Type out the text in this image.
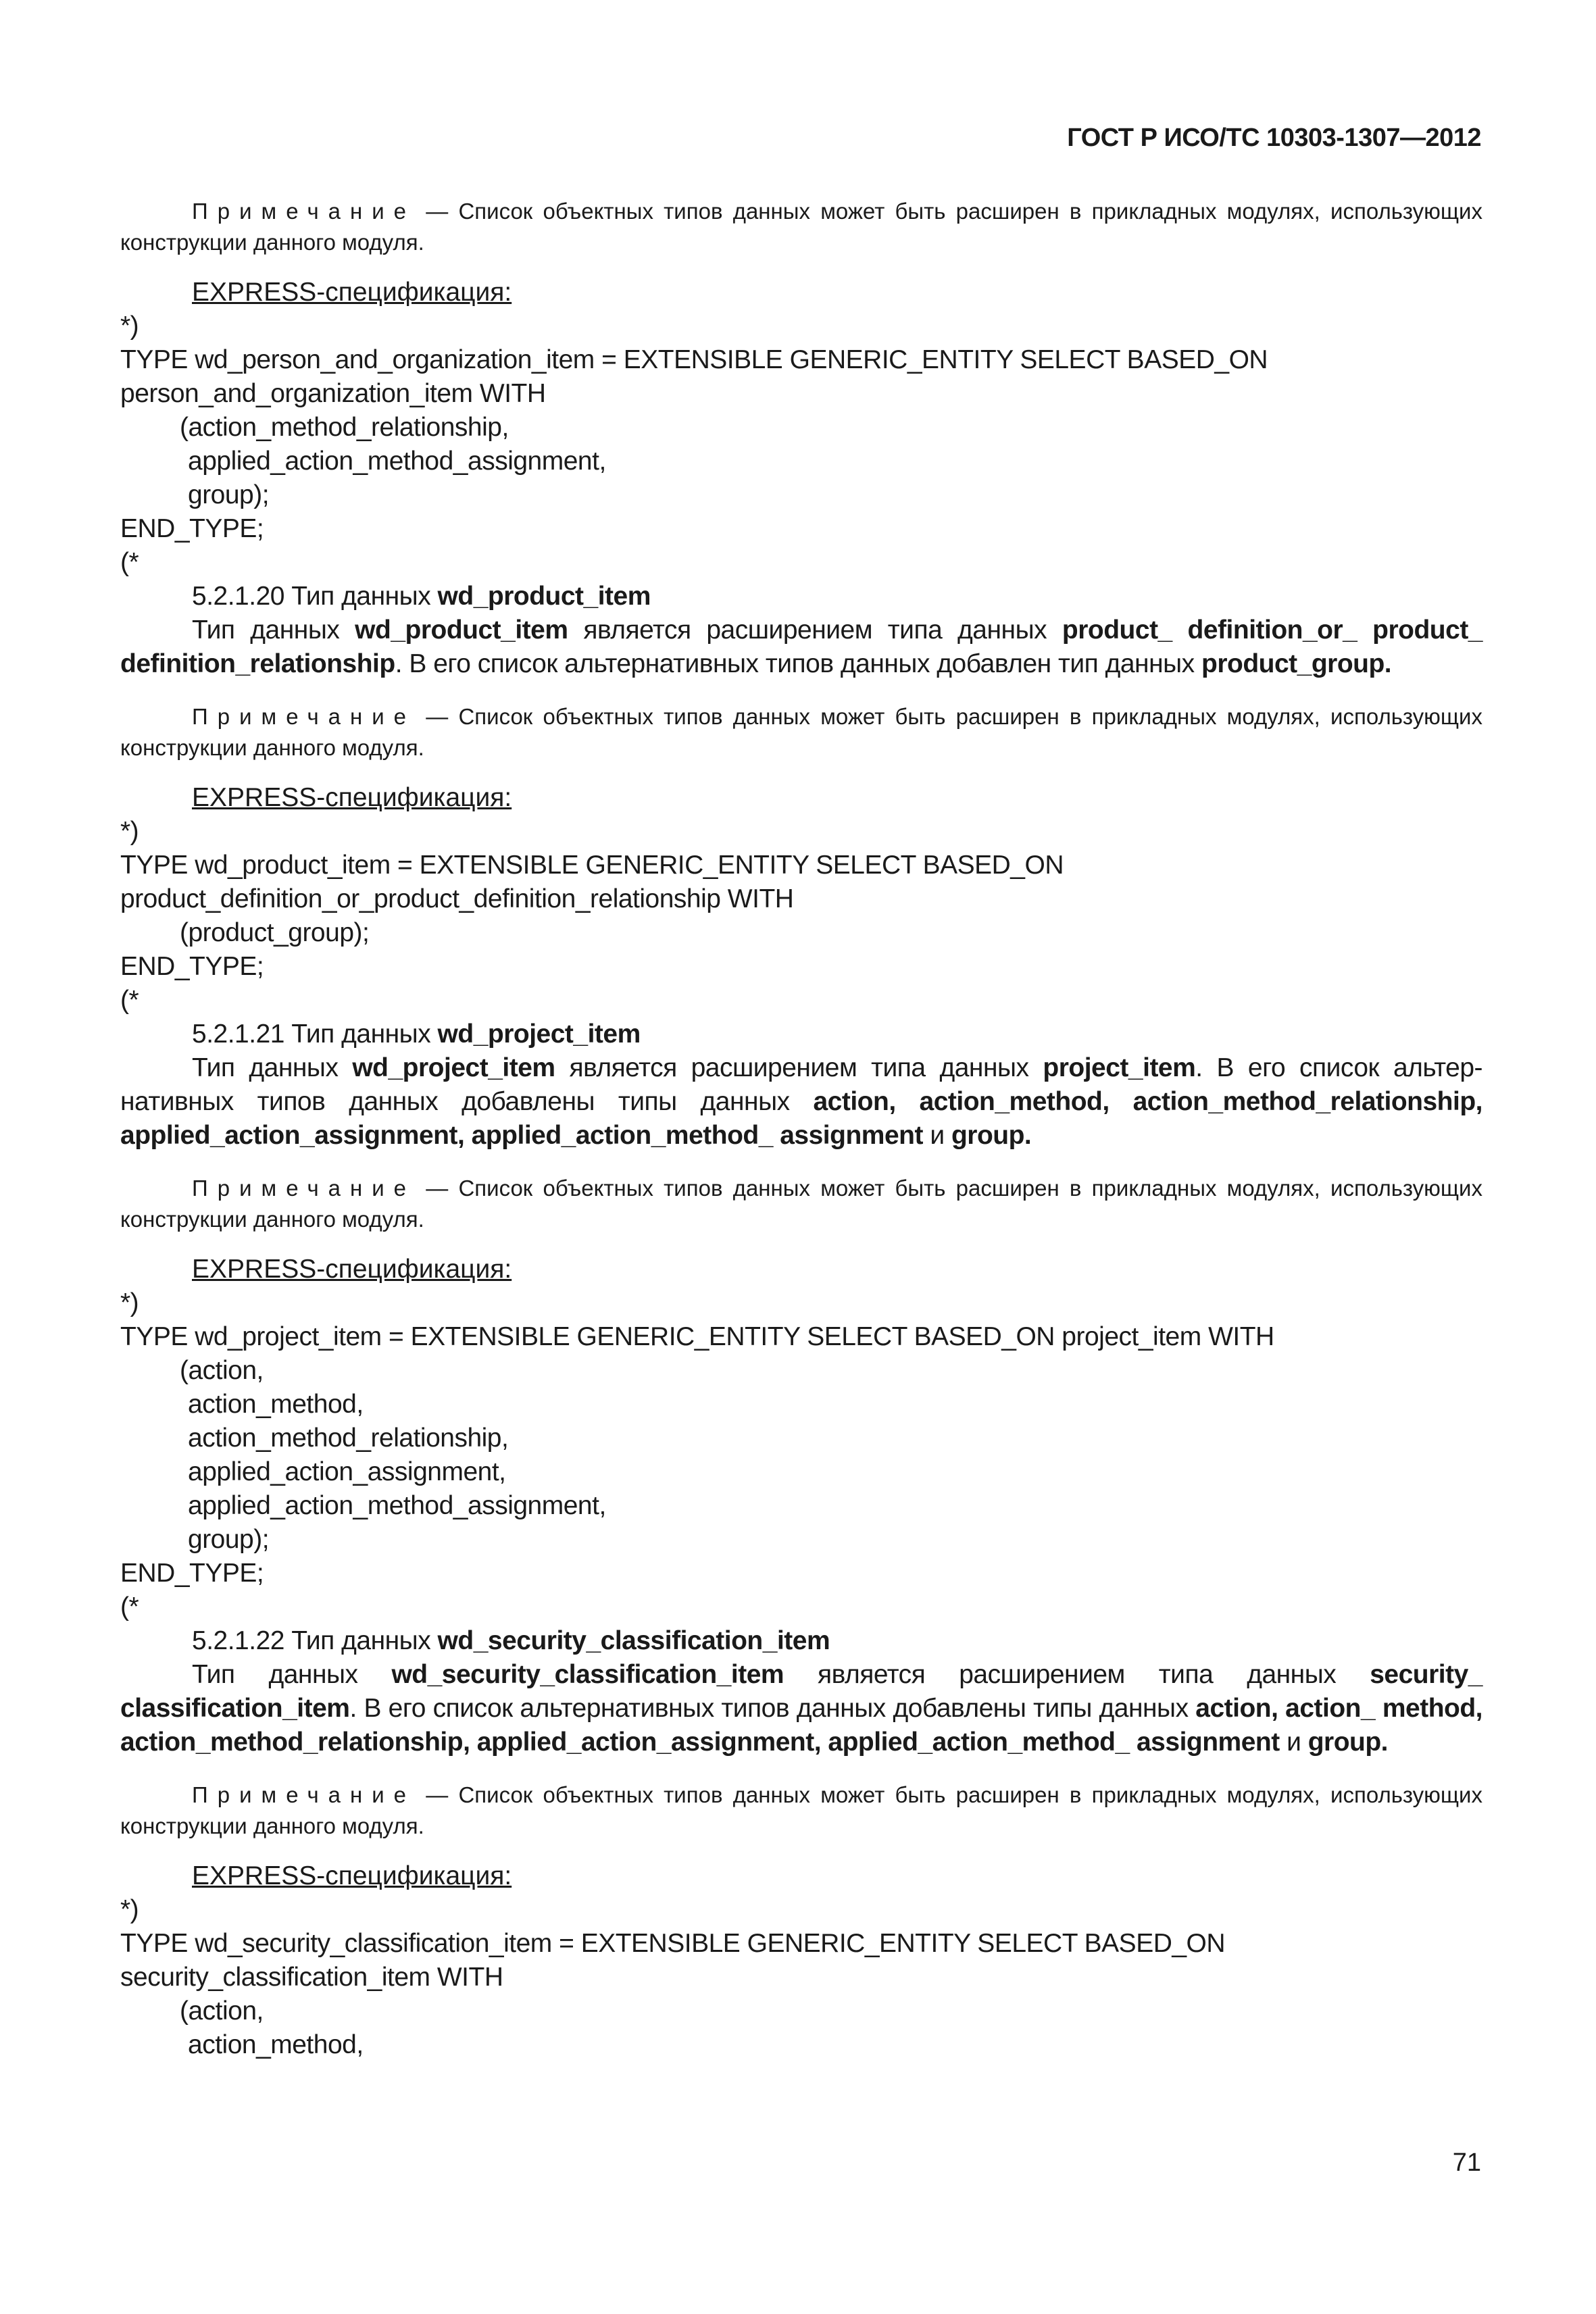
ГОСТ Р ИСО/ТС 10303-1307—2012

Примечание — Список объектных типов данных может быть расширен в прикладных модулях, использующих конструкции данного модуля.

EXPRESS-спецификация:

*)
TYPE wd_person_and_organization_item = EXTENSIBLE GENERIC_ENTITY SELECT BASED_ON
person_and_organization_item WITH
(action_method_relationship,
applied_action_method_assignment,
group);
END_TYPE;
(*

5.2.1.20 Тип данных wd_product_item

Тип данных wd_product_item является расширением типа данных product_ definition_or_ product_ definition_relationship. В его список альтернативных типов данных добавлен тип данных product_group.

Примечание — Список объектных типов данных может быть расширен в прикладных модулях, использующих конструкции данного модуля.

EXPRESS-спецификация:

*)
TYPE wd_product_item = EXTENSIBLE GENERIC_ENTITY SELECT BASED_ON
product_definition_or_product_definition_relationship WITH
(product_group);
END_TYPE;
(*

5.2.1.21 Тип данных wd_project_item

Тип данных wd_project_item является расширением типа данных project_item. В его список альтер-нативных типов данных добавлены типы данных action, action_method, action_method_relationship, applied_action_assignment, applied_action_method_ assignment и group.

Примечание — Список объектных типов данных может быть расширен в прикладных модулях, использующих конструкции данного модуля.

EXPRESS-спецификация:

*)
TYPE wd_project_item = EXTENSIBLE GENERIC_ENTITY SELECT BASED_ON project_item WITH
(action,
action_method,
action_method_relationship,
applied_action_assignment,
applied_action_method_assignment,
group);
END_TYPE;
(*

5.2.1.22 Тип данных wd_security_classification_item

Тип данных wd_security_classification_item является расширением типа данных security_ classification_item. В его список альтернативных типов данных добавлены типы данных action, action_ method, action_method_relationship, applied_action_assignment, applied_action_method_ assignment и group.

Примечание — Список объектных типов данных может быть расширен в прикладных модулях, использующих конструкции данного модуля.

EXPRESS-спецификация:

*)
TYPE wd_security_classification_item = EXTENSIBLE GENERIC_ENTITY SELECT BASED_ON
security_classification_item WITH
(action,
action_method,
71
